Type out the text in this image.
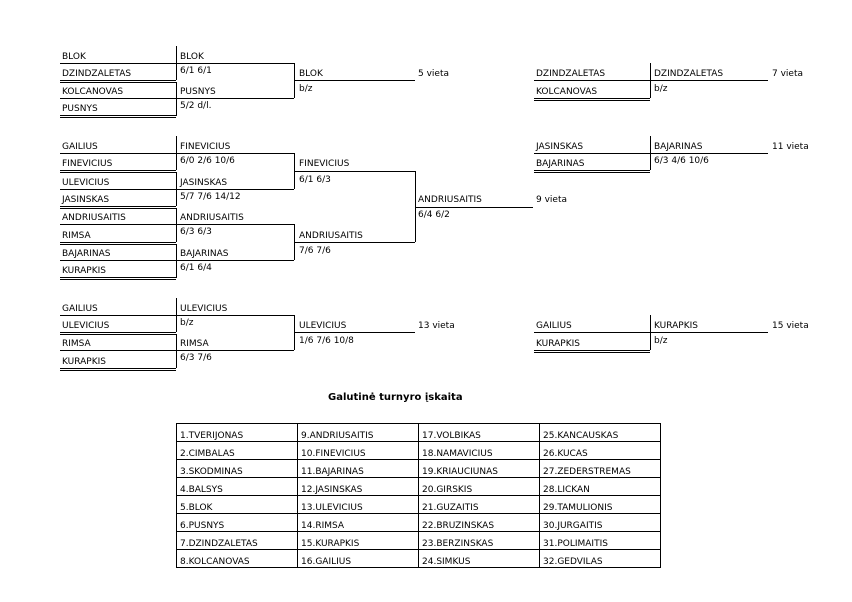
BLOK
DZINDZALETAS
KOLCANOVAS
PUSNYS
BLOK
6/1 6/1
PUSNYS
5/2 d/l.
BLOK
b/z
5 vieta	DZINDZALETAS
KOLCANOVAS
DZINDZALETAS
b/z
7 vieta
GAILIUS
FINEVICIUS
ULEVICIUS
JASINSKAS
ANDRIUSAITIS
RIMSA
BAJARINAS
KURAPKIS
FINEVICIUS
6/0 2/6 10/6
JASINSKAS
5/7 7/6 14/12
ANDRIUSAITIS
6/3 6/3
BAJARINAS
6/1 6/4
FINEVICIUS
6/1 6/3
ANDRIUSAITIS
7/6 7/6
ANDRIUSAITIS
6/4 6/2
9 vieta
JASINSKAS
BAJARINAS
BAJARINAS
6/3 4/6 10/6
11 vieta
GAILIUS
ULEVICIUS
RIMSA
KURAPKIS
ULEVICIUS
b/z
RIMSA
6/3 7/6
ULEVICIUS
1/6 7/6 10/8
13 vieta	GAILIUS
KURAPKIS
KURAPKIS
b/z
15 vieta
Galutinė turnyro įskaita
1.TVERIJONAS	9.ANDRIUSAITIS	17.VOLBIKAS	25.KANCAUSKAS
2.CIMBALAS	10.FINEVICIUS	18.NAMAVICIUS	26.KUCAS
3.SKODMINAS	11.BAJARINAS	19.KRIAUCIUNAS	27.ZEDERSTREMAS
4.BALSYS	12.JASINSKAS	20.GIRSKIS	28.LICKAN
5.BLOK	13.ULEVICIUS	21.GUZAITIS	29.TAMULIONIS
6.PUSNYS	14.RIMSA	22.BRUZINSKAS	30.JURGAITIS
7.DZINDZALETAS	15.KURAPKIS	23.BERZINSKAS	31.POLIMAITIS
8.KOLCANOVAS	16.GAILIUS	24.SIMKUS	32.GEDVILAS
